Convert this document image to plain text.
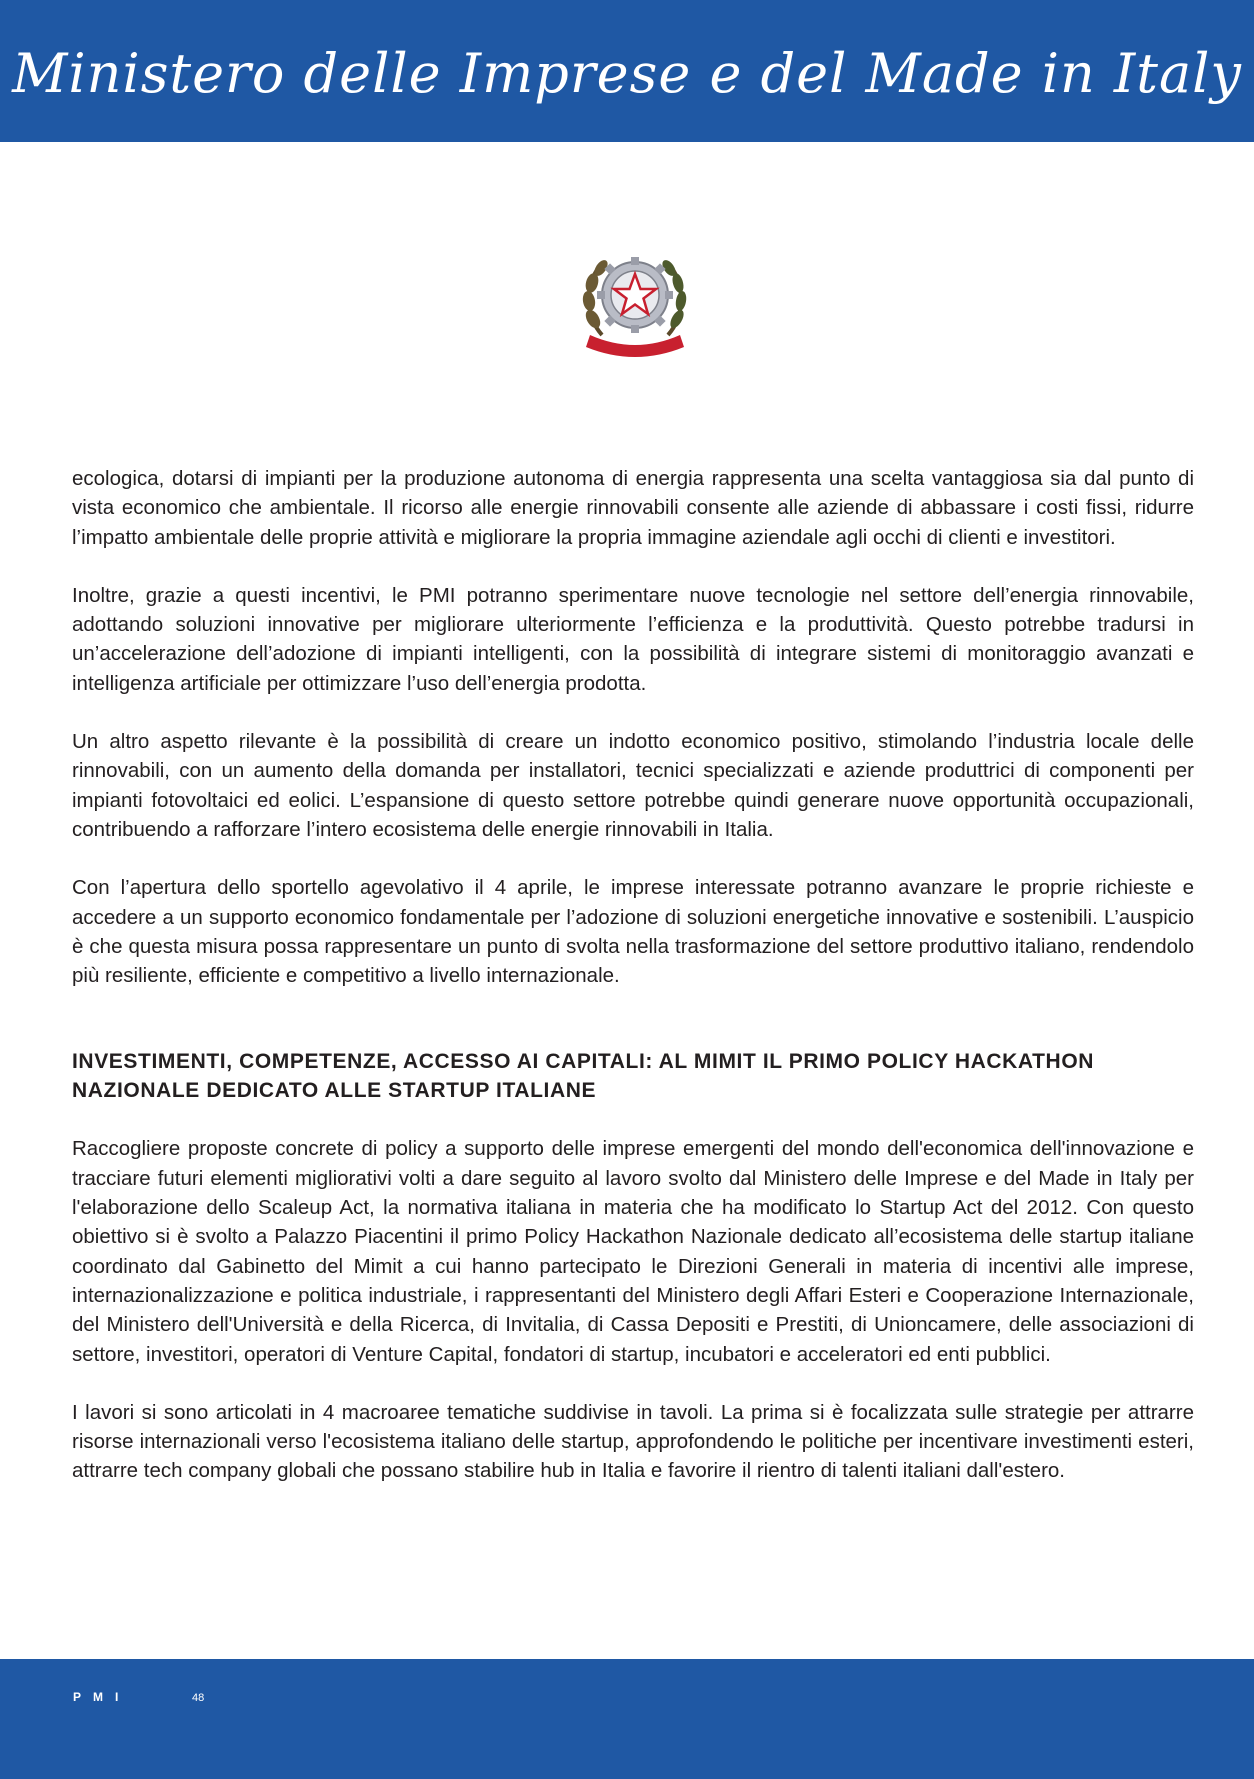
Ministero delle Imprese e del Made in Italy

ecologica, dotarsi di impianti per la produzione autonoma di energia rappresenta una scelta vantaggiosa sia dal punto di vista economico che ambientale. Il ricorso alle energie rinnovabili consente alle aziende di abbassare i costi fissi, ridurre l’impatto ambientale delle proprie attività e migliorare la propria immagine aziendale agli occhi di clienti e investitori.

Inoltre, grazie a questi incentivi, le PMI potranno sperimentare nuove tecnologie nel settore dell’energia rinnovabile, adottando soluzioni innovative per migliorare ulteriormente l’efficienza e la produttività. Questo potrebbe tradursi in un’accelerazione dell’adozione di impianti intelligenti, con la possibilità di integrare sistemi di monitoraggio avanzati e intelligenza artificiale per ottimizzare l’uso dell’energia prodotta.

Un altro aspetto rilevante è la possibilità di creare un indotto economico positivo, stimolando l’industria locale delle rinnovabili, con un aumento della domanda per installatori, tecnici specializzati e aziende produttrici di componenti per impianti fotovoltaici ed eolici. L’espansione di questo settore potrebbe quindi generare nuove opportunità occupazionali, contribuendo a rafforzare l’intero ecosistema delle energie rinnovabili in Italia.

Con l’apertura dello sportello agevolativo il 4 aprile, le imprese interessate potranno avanzare le proprie richieste e accedere a un supporto economico fondamentale per l’adozione di soluzioni energetiche innovative e sostenibili. L’auspicio è che questa misura possa rappresentare un punto di svolta nella trasformazione del settore produttivo italiano, rendendolo più resiliente, efficiente e competitivo a livello internazionale.

INVESTIMENTI, COMPETENZE, ACCESSO AI CAPITALI: AL MIMIT IL PRIMO POLICY HACKATHON NAZIONALE DEDICATO ALLE STARTUP ITALIANE

Raccogliere proposte concrete di policy a supporto delle imprese emergenti del mondo dell'economica dell'innovazione e tracciare futuri elementi migliorativi volti a dare seguito al lavoro svolto dal Ministero delle Imprese e del Made in Italy per l'elaborazione dello Scaleup Act, la normativa italiana in materia che ha modificato lo Startup Act del 2012. Con questo obiettivo si è svolto a Palazzo Piacentini il primo Policy Hackathon Nazionale dedicato all’ecosistema delle startup italiane coordinato dal Gabinetto del Mimit a cui hanno partecipato le Direzioni Generali in materia di incentivi alle imprese, internazionalizzazione e politica industriale, i rappresentanti del Ministero degli Affari Esteri e Cooperazione Internazionale, del Ministero dell'Università e della Ricerca, di Invitalia, di Cassa Depositi e Prestiti, di Unioncamere, delle associazioni di settore, investitori, operatori di Venture Capital, fondatori di startup, incubatori e acceleratori ed enti pubblici.

I lavori si sono articolati in 4 macroaree tematiche suddivise in tavoli. La prima si è focalizzata sulle strategie per attrarre risorse internazionali verso l'ecosistema italiano delle startup, approfondendo le politiche per incentivare investimenti esteri, attrarre tech company globali che possano stabilire hub in Italia e favorire il rientro di talenti italiani dall'estero.

PMI	48
